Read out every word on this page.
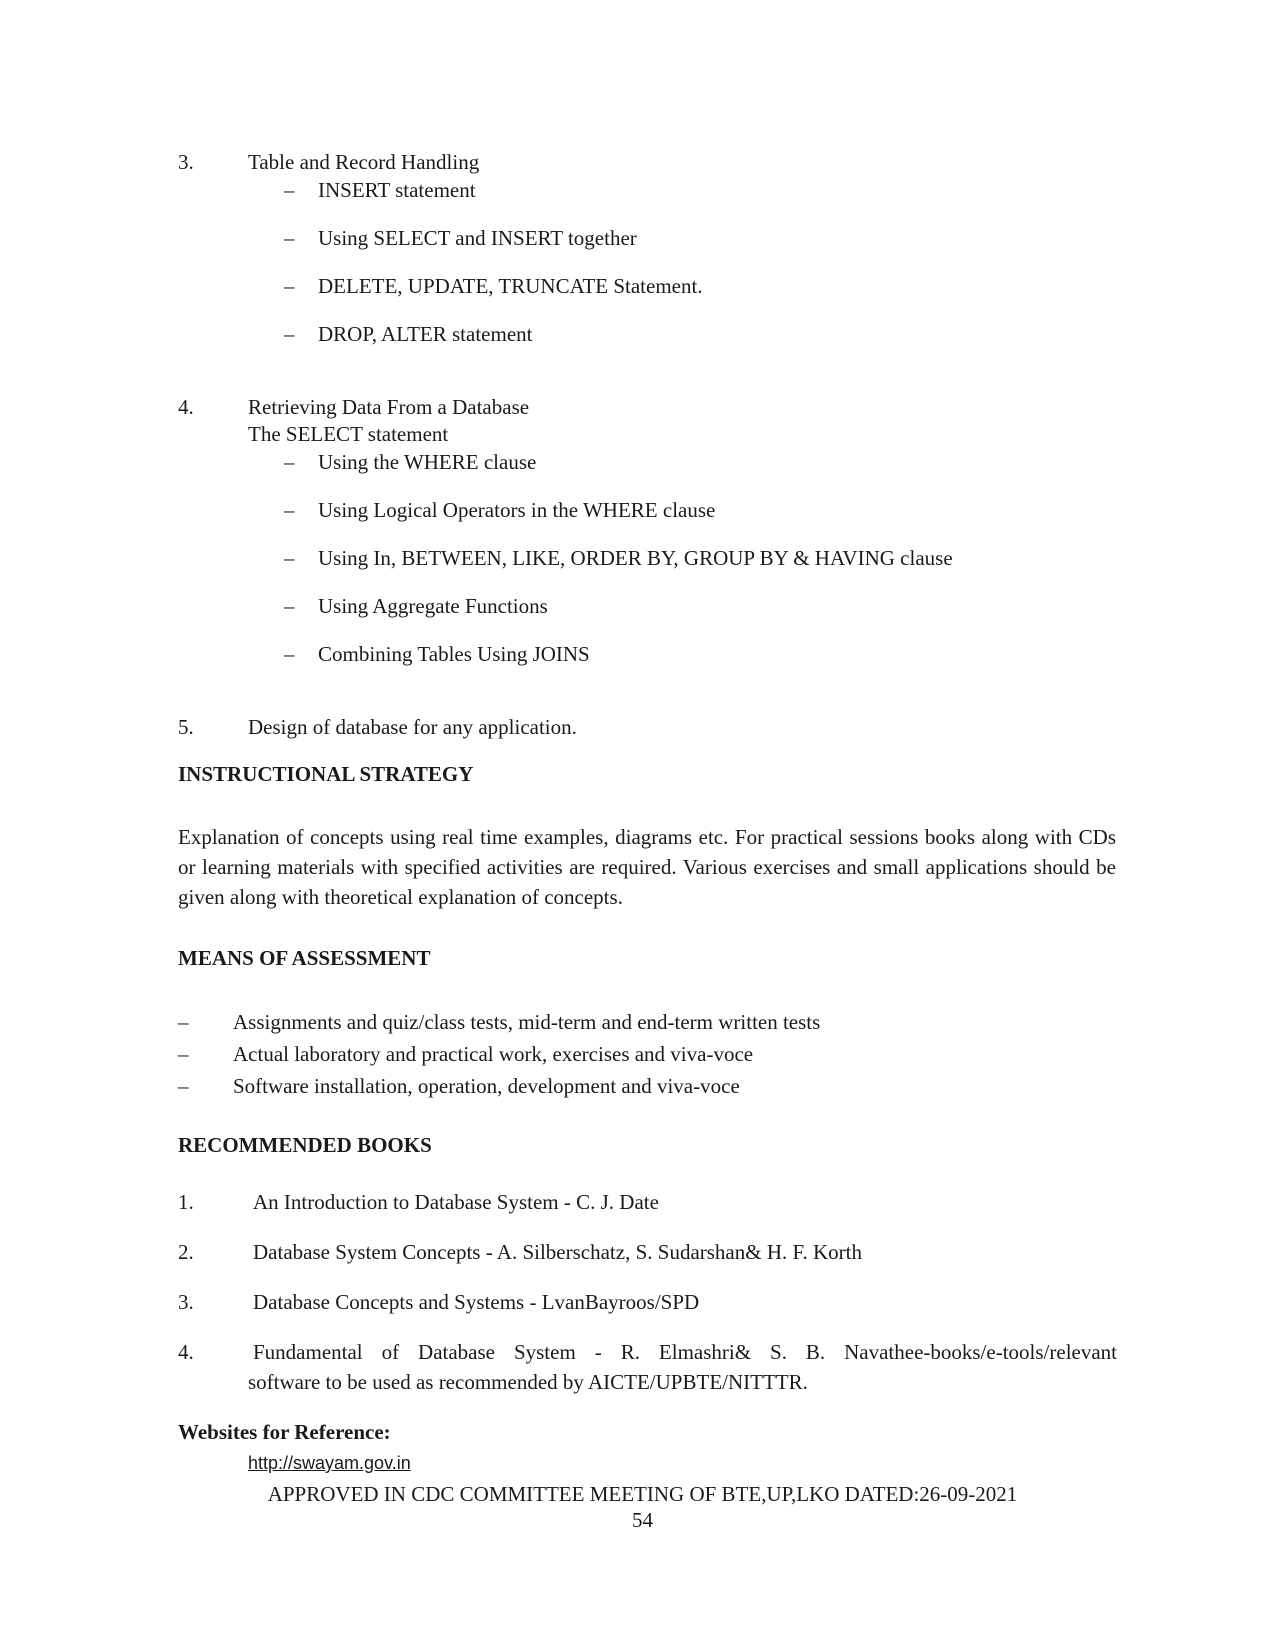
3.	Table and Record Handling
– INSERT statement
– Using SELECT and INSERT together
– DELETE, UPDATE, TRUNCATE Statement.
– DROP, ALTER statement
4.	Retrieving Data From a Database
The SELECT statement
– Using the WHERE clause
– Using Logical Operators in the WHERE clause
– Using In, BETWEEN, LIKE, ORDER BY, GROUP BY & HAVING clause
– Using Aggregate Functions
– Combining Tables Using JOINS
5.	Design of database for any application.
INSTRUCTIONAL STRATEGY
Explanation of concepts using real time examples, diagrams etc. For practical sessions books along with CDs or learning materials with specified activities are required. Various exercises and small applications should be given along with theoretical explanation of concepts.
MEANS OF ASSESSMENT
– Assignments and quiz/class tests, mid-term and end-term written tests
– Actual laboratory and practical work, exercises and viva-voce
– Software installation, operation, development and viva-voce
RECOMMENDED BOOKS
1.	An Introduction to Database System - C. J. Date
2.	Database System Concepts - A. Silberschatz, S. Sudarshan& H. F. Korth
3.	Database Concepts and Systems - LvanBayroos/SPD
4.	Fundamental of Database System - R. Elmashri& S. B. Navathee-books/e-tools/relevant
software to be used as recommended by AICTE/UPBTE/NITTTR.
Websites for Reference:
http://swayam.gov.in
APPROVED IN CDC COMMITTEE MEETING OF BTE,UP,LKO DATED:26-09-2021
54
